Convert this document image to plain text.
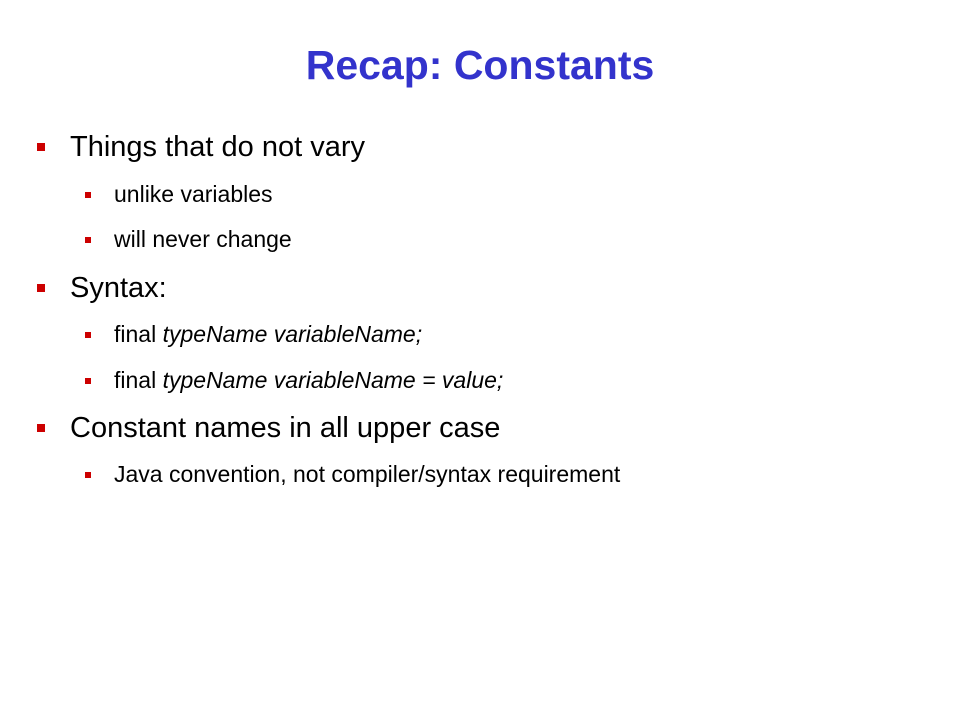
Recap: Constants
Things that do not vary
unlike variables
will never change
Syntax:
final typeName variableName;
final typeName variableName = value;
Constant names in all upper case
Java convention, not compiler/syntax requirement
